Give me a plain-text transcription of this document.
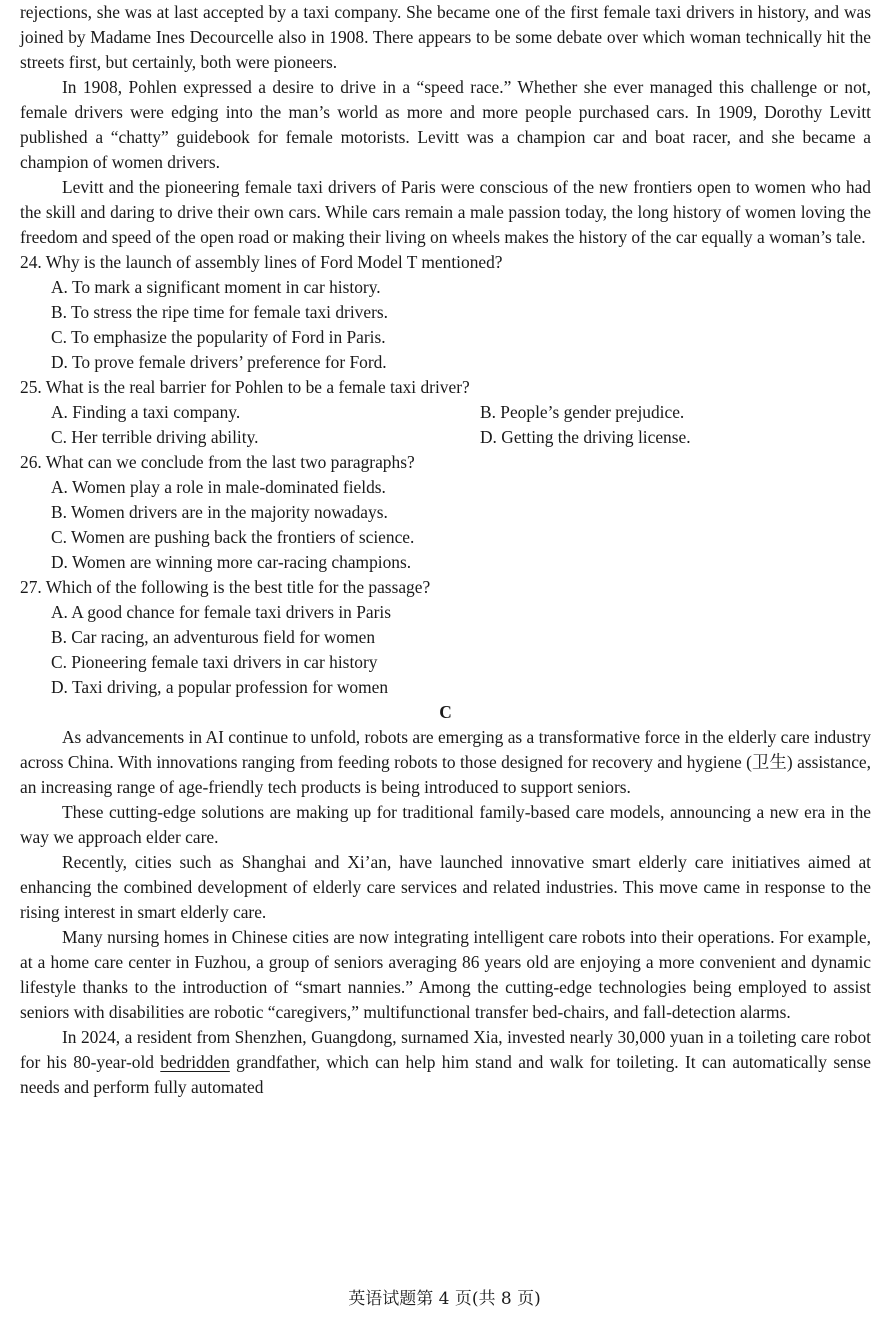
rejections, she was at last accepted by a taxi company. She became one of the first female taxi drivers in history, and was joined by Madame Ines Decourcelle also in 1908. There appears to be some debate over which woman technically hit the streets first, but certainly, both were pioneers.

In 1908, Pohlen expressed a desire to drive in a “speed race.” Whether she ever managed this challenge or not, female drivers were edging into the man’s world as more and more people purchased cars. In 1909, Dorothy Levitt published a “chatty” guidebook for female motorists. Levitt was a champion car and boat racer, and she became a champion of women drivers.

Levitt and the pioneering female taxi drivers of Paris were conscious of the new frontiers open to women who had the skill and daring to drive their own cars. While cars remain a male passion today, the long history of women loving the freedom and speed of the open road or making their living on wheels makes the history of the car equally a woman’s tale.

24. Why is the launch of assembly lines of Ford Model T mentioned?

A. To mark a significant moment in car history.

B. To stress the ripe time for female taxi drivers.

C. To emphasize the popularity of Ford in Paris.

D. To prove female drivers’ preference for Ford.

25. What is the real barrier for Pohlen to be a female taxi driver?

A. Finding a taxi company.	B. People’s gender prejudice.
C. Her terrible driving ability.	D. Getting the driving license.

26. What can we conclude from the last two paragraphs?

A. Women play a role in male-dominated fields.

B. Women drivers are in the majority nowadays.

C. Women are pushing back the frontiers of science.

D. Women are winning more car-racing champions.

27. Which of the following is the best title for the passage?

A. A good chance for female taxi drivers in Paris

B. Car racing, an adventurous field for women

C. Pioneering female taxi drivers in car history

D. Taxi driving, a popular profession for women

C

As advancements in AI continue to unfold, robots are emerging as a transformative force in the elderly care industry across China. With innovations ranging from feeding robots to those designed for recovery and hygiene (卫生) assistance, an increasing range of age-friendly tech products is being introduced to support seniors.

These cutting-edge solutions are making up for traditional family-based care models, announcing a new era in the way we approach elder care.

Recently, cities such as Shanghai and Xi’an, have launched innovative smart elderly care initiatives aimed at enhancing the combined development of elderly care services and related industries. This move came in response to the rising interest in smart elderly care.

Many nursing homes in Chinese cities are now integrating intelligent care robots into their operations. For example, at a home care center in Fuzhou, a group of seniors averaging 86 years old are enjoying a more convenient and dynamic lifestyle thanks to the introduction of “smart nannies.” Among the cutting-edge technologies being employed to assist seniors with disabilities are robotic “caregivers,” multifunctional transfer bed-chairs, and fall-detection alarms.

In 2024, a resident from Shenzhen, Guangdong, surnamed Xia, invested nearly 30,000 yuan in a toileting care robot for his 80-year-old bedridden grandfather, which can help him stand and walk for toileting. It can automatically sense needs and perform fully automated

英语试题第 4 页(共 8 页)
